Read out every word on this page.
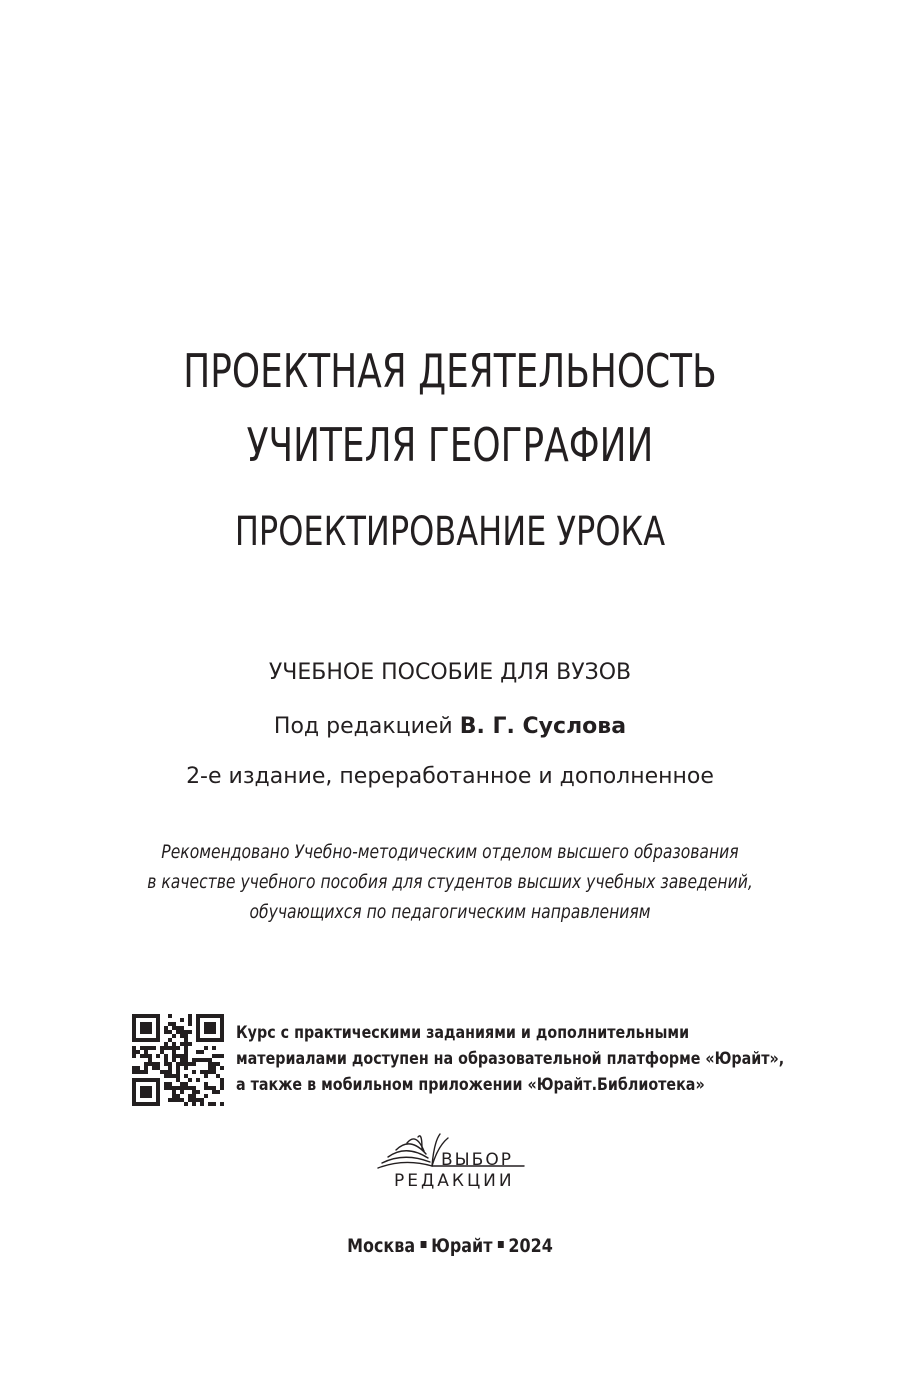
ПРОЕКТНАЯ ДЕЯТЕЛЬНОСТЬ
УЧИТЕЛЯ ГЕОГРАФИИ
ПРОЕКТИРОВАНИЕ УРОКА
УЧЕБНОЕ ПОСОБИЕ ДЛЯ ВУЗОВ
Под редакцией В. Г. Суслова
2-е издание, переработанное и дополненное
Рекомендовано Учебно-методическим отделом высшего образования
в качестве учебного пособия для студентов высших учебных заведений,
обучающихся по педагогическим направлениям
Курс с практическими заданиями и дополнительными
материалами доступен на образовательной платформе «Юрайт»,
а также в мобильном приложении «Юрайт.Библиотека»
ВЫБОР
РЕДАКЦИИ
Москва Юрайт 2024
